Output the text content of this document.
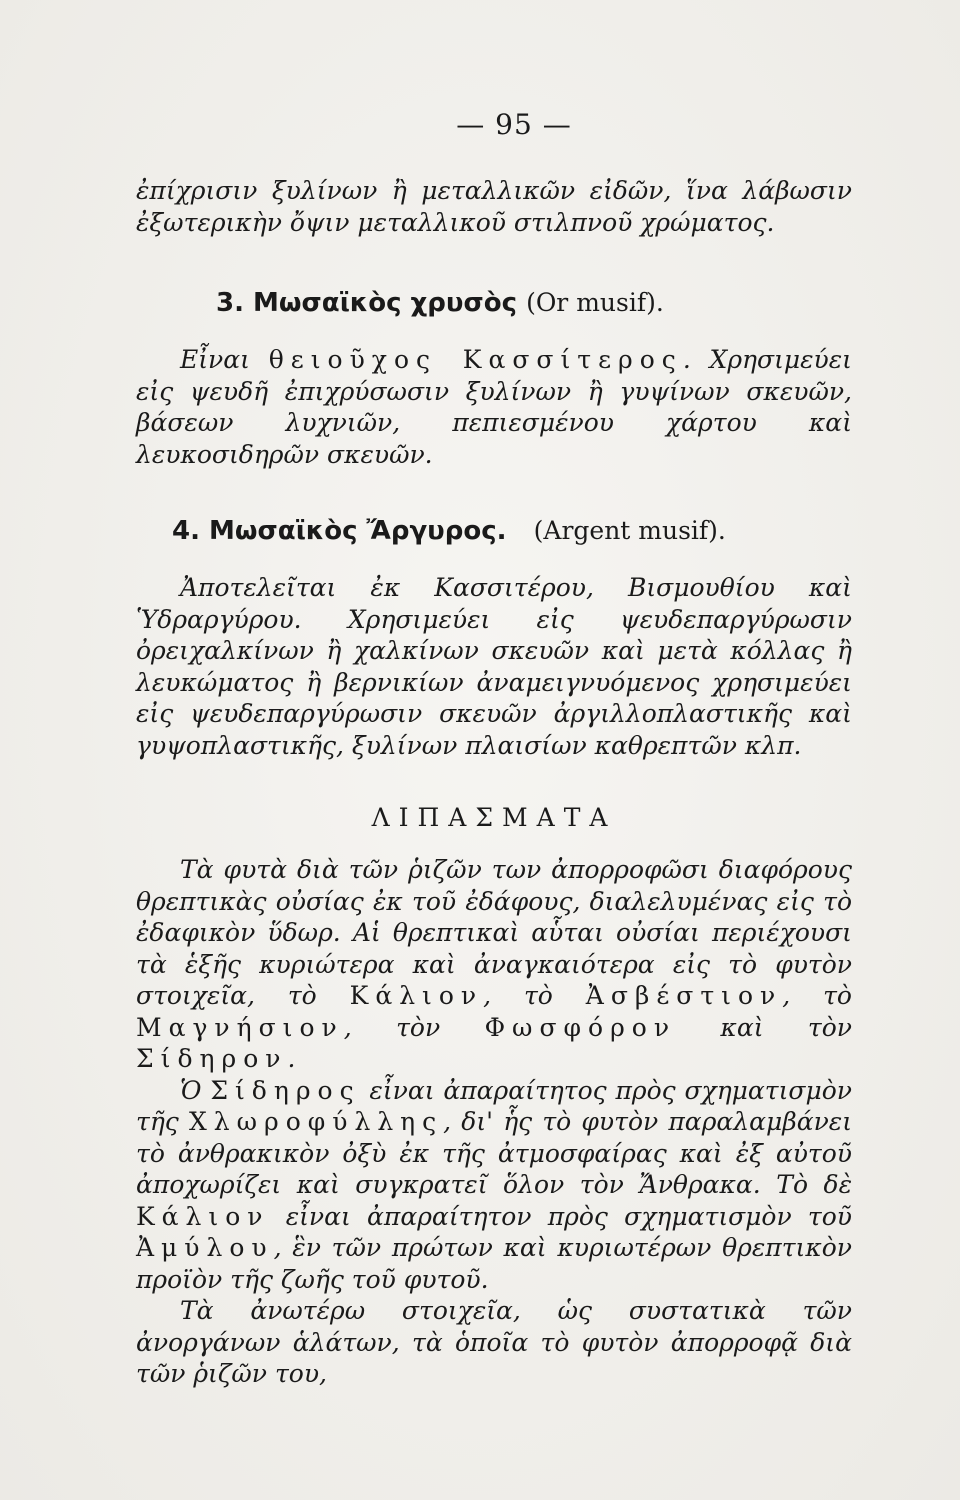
— 95 —

ἐπίχρισιν ξυλίνων ἢ μεταλλικῶν εἰδῶν, ἵνα λάβωσιν ἐξωτερικὴν ὄψιν μεταλλικοῦ στιλπνοῦ χρώματος.

3. Μωσαϊκὸς χρυσὸς (Or musif).

Εἶναι θειοῦχος Κασσίτερος. Χρησιμεύει εἰς ψευδῆ ἐπιχρύσωσιν ξυλίνων ἢ γυψίνων σκευῶν, βάσεων λυχνιῶν, πεπιεσμένου χάρτου καὶ λευκοσιδηρῶν σκευῶν.

4. Μωσαϊκὸς Ἄργυρος. (Argent musif).

Ἀποτελεῖται ἐκ Κασσιτέρου, Βισμουθίου καὶ Ὑδραργύρου. Χρησιμεύει εἰς ψευδεπαργύρωσιν ὀρειχαλκίνων ἢ χαλκίνων σκευῶν καὶ μετὰ κόλλας ἢ λευκώματος ἢ βερνικίων ἀναμειγνυόμενος χρησιμεύει εἰς ψευδεπαργύρωσιν σκευῶν ἀργιλλοπλαστικῆς καὶ γυψοπλαστικῆς, ξυλίνων πλαισίων καθρεπτῶν κλπ.

ΛΙΠΑΣΜΑΤΑ

Τὰ φυτὰ διὰ τῶν ῥιζῶν των ἀπορροφῶσι διαφόρους θρεπτικὰς οὐσίας ἐκ τοῦ ἐδάφους, διαλελυμένας εἰς τὸ ἐδαφικὸν ὕδωρ. Αἱ θρεπτικαὶ αὗται οὐσίαι περιέχουσι τὰ ἑξῆς κυριώτερα καὶ ἀναγκαιότερα εἰς τὸ φυτὸν στοιχεῖα, τὸ Κάλιον, τὸ Ἀσβέστιον, τὸ Μαγνήσιον, τὸν Φωσφόρον καὶ τὸν Σίδηρον.

Ὁ Σίδηρος εἶναι ἀπαραίτητος πρὸς σχηματισμὸν τῆς Χλωροφύλλης, δι' ἧς τὸ φυτὸν παραλαμβάνει τὸ ἀνθρακικὸν ὀξὺ ἐκ τῆς ἀτμοσφαίρας καὶ ἐξ αὐτοῦ ἀποχωρίζει καὶ συγκρατεῖ ὅλον τὸν Ἄνθρακα. Τὸ δὲ Κάλιον εἶναι ἀπαραίτητον πρὸς σχηματισμὸν τοῦ Ἀμύλου, ἓν τῶν πρώτων καὶ κυριωτέρων θρεπτικὸν προϊὸν τῆς ζωῆς τοῦ φυτοῦ.

Τὰ ἀνωτέρω στοιχεῖα, ὡς συστατικὰ τῶν ἀνοργάνων ἁλάτων, τὰ ὁποῖα τὸ φυτὸν ἀπορροφᾷ διὰ τῶν ῥιζῶν του,
